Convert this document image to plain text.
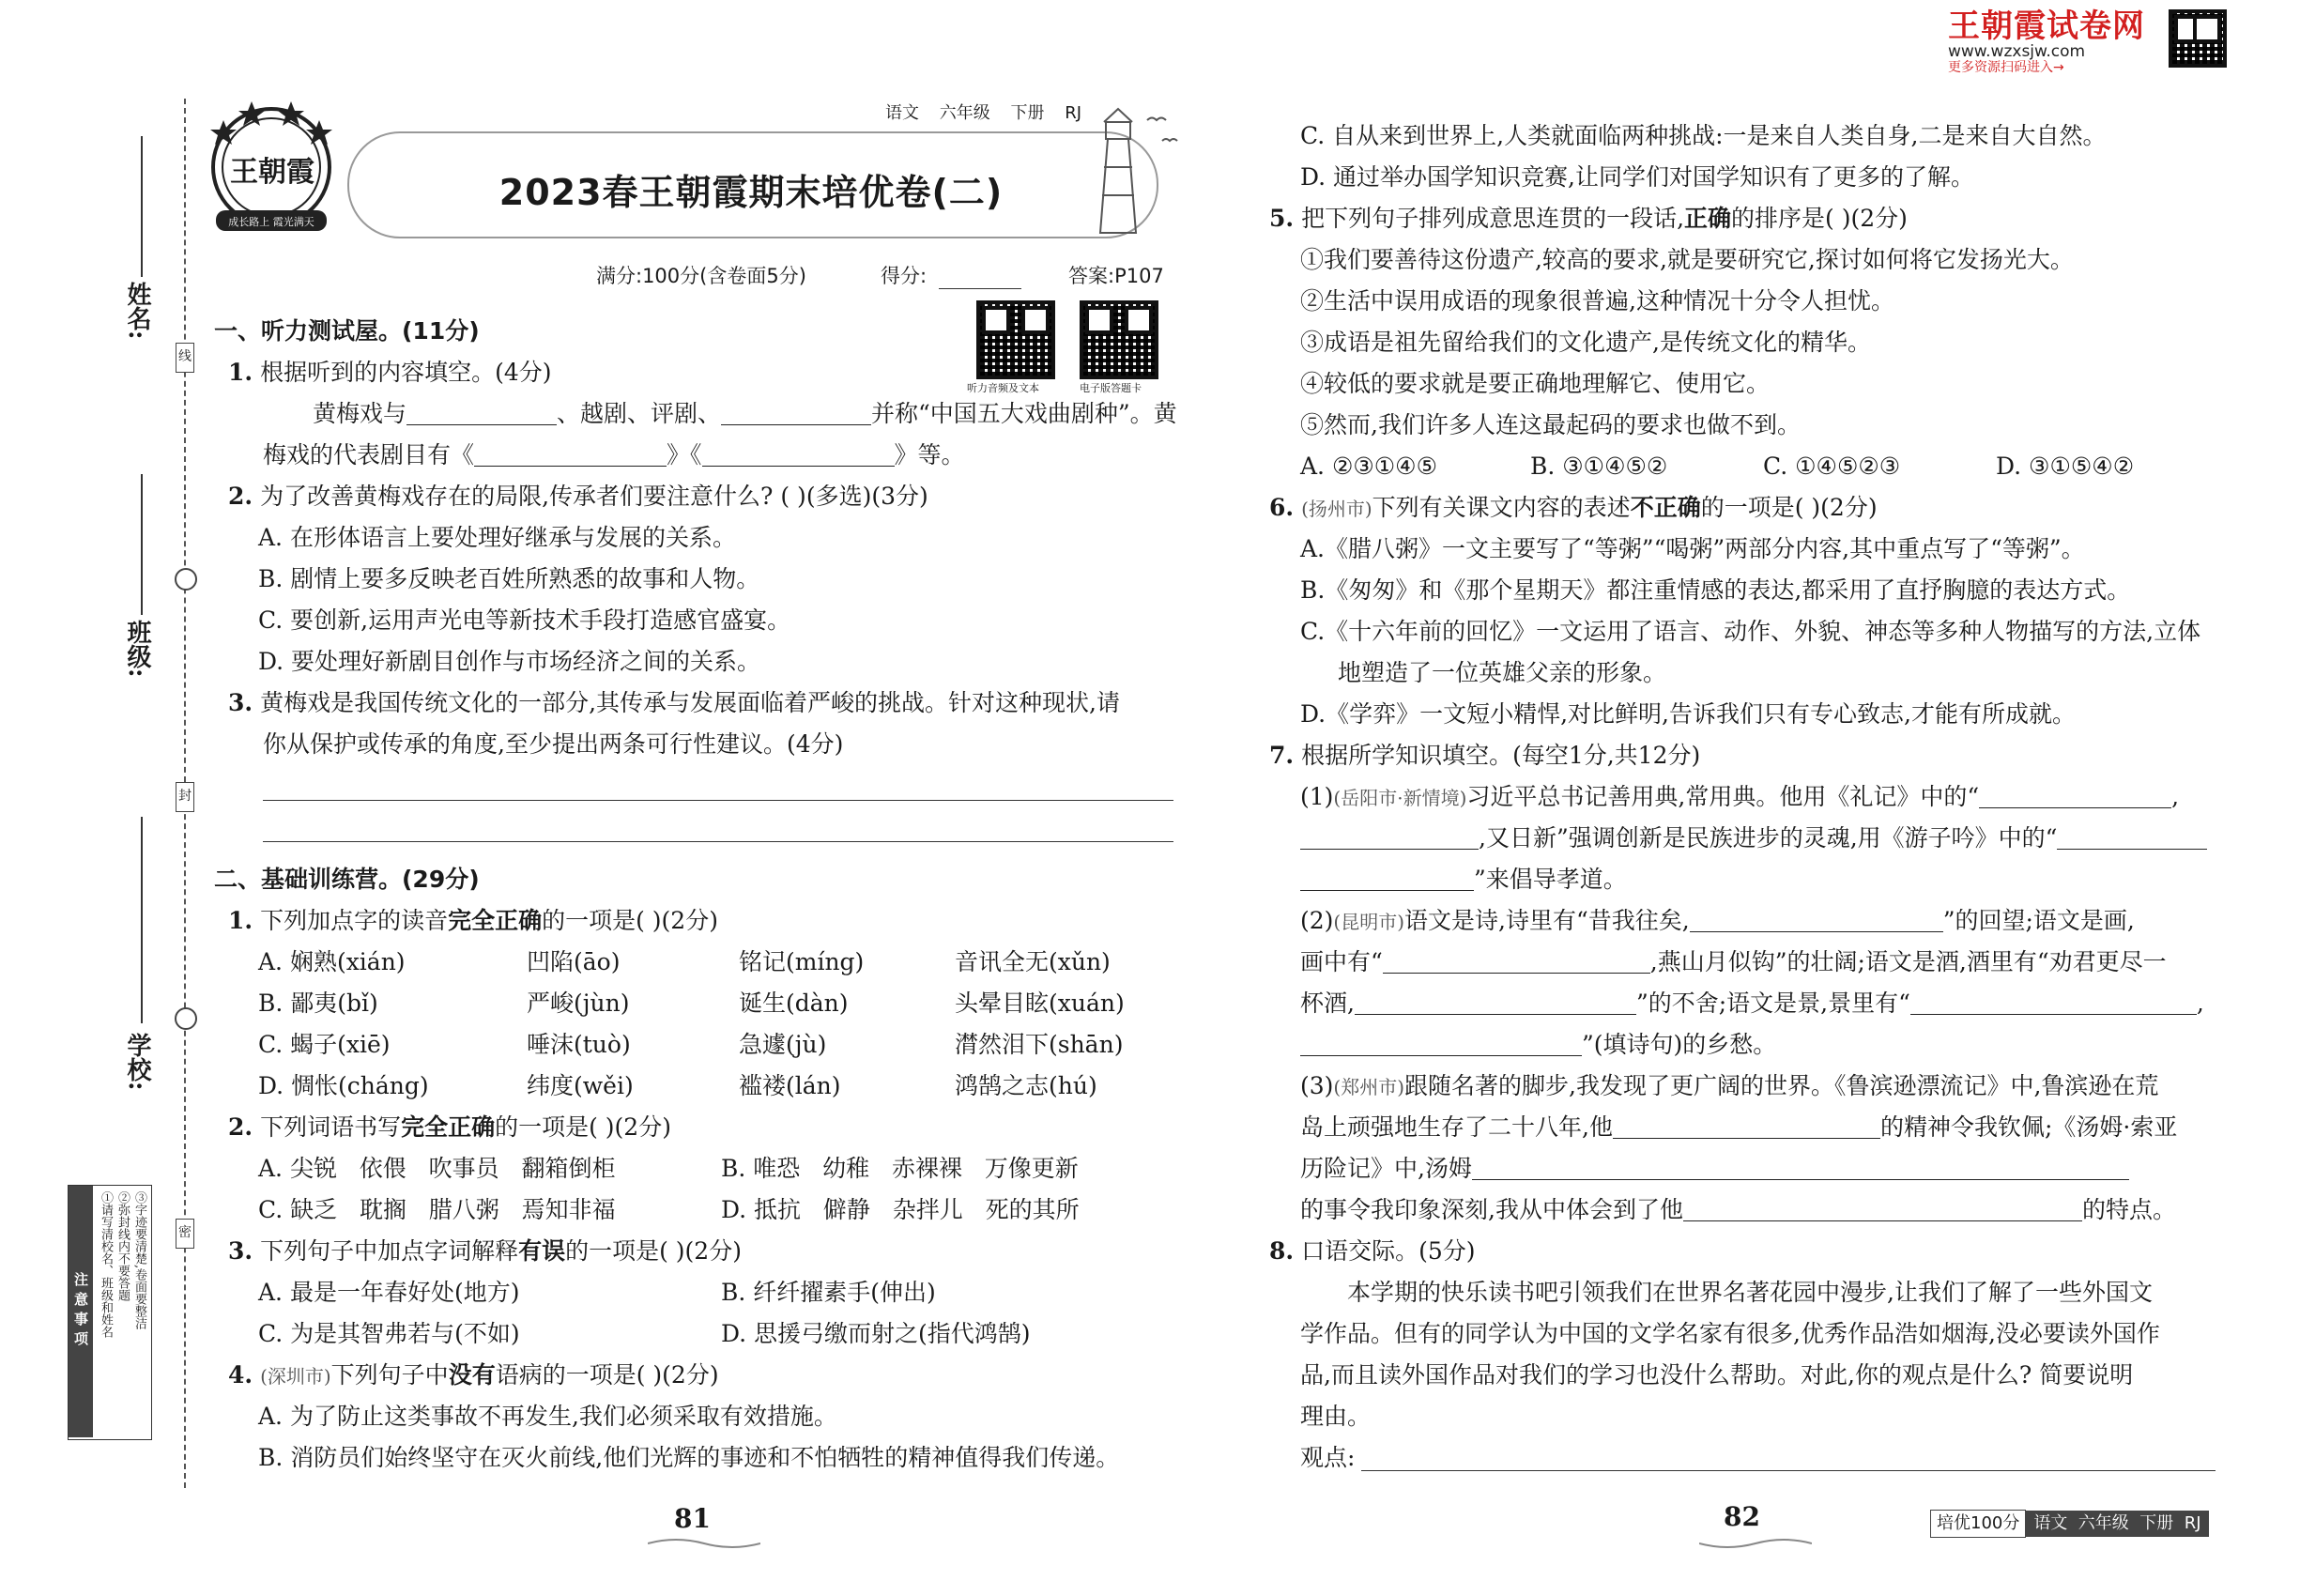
王朝霞试卷网
www.wzxsjw.com
更多资源扫码进入→
姓名:
班级:
学校:
线
封
密
注意事项 ①请写清校名、班级和姓名 ②弥封线内不要答题 ③字迹要清楚,卷面要整洁
王朝霞
成长路上 霞光满天
语文 六年级 下册 RJ
2023春王朝霞期末培优卷(二)
满分:100分(含卷面5分)	得分:	答案:P107
听力音频及文本	电子版答题卡
一、听力测试屋。(11分)
1. 根据听到的内容填空。(4分)
黄梅戏与	、越剧、评剧、	并称“中国五大戏曲剧种”。黄
梅戏的代表剧目有《	》《	》等。
2. 为了改善黄梅戏存在的局限,传承者们要注意什么? ( )(多选)(3分)
A. 在形体语言上要处理好继承与发展的关系。
B. 剧情上要多反映老百姓所熟悉的故事和人物。
C. 要创新,运用声光电等新技术手段打造感官盛宴。
D. 要处理好新剧目创作与市场经济之间的关系。
3. 黄梅戏是我国传统文化的一部分,其传承与发展面临着严峻的挑战。针对这种现状,请
你从保护或传承的角度,至少提出两条可行性建议。(4分)
二、基础训练营。(29分)
1. 下列加点字的读音完全正确的一项是( )(2分)
A. 娴熟(xián)	凹陷(āo)	铭记(míng)	音讯全无(xǔn)
B. 鄙夷(bǐ)	严峻(jùn)	诞生(dàn)	头晕目眩(xuán)
C. 蝎子(xiē)	唾沫(tuò)	急遽(jù)	潸然泪下(shān)
D. 惆怅(cháng)	纬度(wěi)	褴褛(lán)	鸿鹄之志(hú)
2. 下列词语书写完全正确的一项是( )(2分)
A. 尖锐   依偎   吹事员   翻箱倒柜	B. 唯恐   幼稚   赤裸裸   万像更新
C. 缺乏   耽搁   腊八粥   焉知非福	D. 抵抗   僻静   杂拌儿   死的其所
3. 下列句子中加点字词解释有误的一项是( )(2分)
A. 最是一年春好处(地方)	B. 纤纤擢素手(伸出)
C. 为是其智弗若与(不如)	D. 思援弓缴而射之(指代鸿鹄)
4. (深圳市)下列句子中没有语病的一项是( )(2分)
A. 为了防止这类事故不再发生,我们必须采取有效措施。
B. 消防员们始终坚守在灭火前线,他们光辉的事迹和不怕牺牲的精神值得我们传递。
81
C. 自从来到世界上,人类就面临两种挑战:一是来自人类自身,二是来自大自然。
D. 通过举办国学知识竞赛,让同学们对国学知识有了更多的了解。
5. 把下列句子排列成意思连贯的一段话,正确的排序是( )(2分)
①我们要善待这份遗产,较高的要求,就是要研究它,探讨如何将它发扬光大。
②生活中误用成语的现象很普遍,这种情况十分令人担忧。
③成语是祖先留给我们的文化遗产,是传统文化的精华。
④较低的要求就是要正确地理解它、使用它。
⑤然而,我们许多人连这最起码的要求也做不到。
A. ②③①④⑤	B. ③①④⑤②	C. ①④⑤②③	D. ③①⑤④②
6. (扬州市)下列有关课文内容的表述不正确的一项是( )(2分)
A.《腊八粥》一文主要写了“等粥”“喝粥”两部分内容,其中重点写了“等粥”。
B.《匆匆》和《那个星期天》都注重情感的表达,都采用了直抒胸臆的表达方式。
C.《十六年前的回忆》一文运用了语言、动作、外貌、神态等多种人物描写的方法,立体
地塑造了一位英雄父亲的形象。
D.《学弈》一文短小精悍,对比鲜明,告诉我们只有专心致志,才能有所成就。
7. 根据所学知识填空。(每空1分,共12分)
(1)(岳阳市·新情境)习近平总书记善用典,常用典。他用《礼记》中的“	,
,又日新”强调创新是民族进步的灵魂,用《游子吟》中的“
”来倡导孝道。
(2)(昆明市)语文是诗,诗里有“昔我往矣,	”的回望;语文是画,
画中有“	,燕山月似钩”的壮阔;语文是酒,酒里有“劝君更尽一
杯酒,	”的不舍;语文是景,景里有“	,
”(填诗句)的乡愁。
(3)(郑州市)跟随名著的脚步,我发现了更广阔的世界。《鲁滨逊漂流记》中,鲁滨逊在荒
岛上顽强地生存了二十八年,他	的精神令我钦佩;《汤姆·索亚
历险记》中,汤姆
的事令我印象深刻,我从中体会到了他	的特点。
8. 口语交际。(5分)
本学期的快乐读书吧引领我们在世界名著花园中漫步,让我们了解了一些外国文
学作品。但有的同学认为中国的文学名家有很多,优秀作品浩如烟海,没必要读外国作
品,而且读外国作品对我们的学习也没什么帮助。对此,你的观点是什么? 简要说明
理由。
观点:
82	培优100分 语文  六年级  下册  RJ
